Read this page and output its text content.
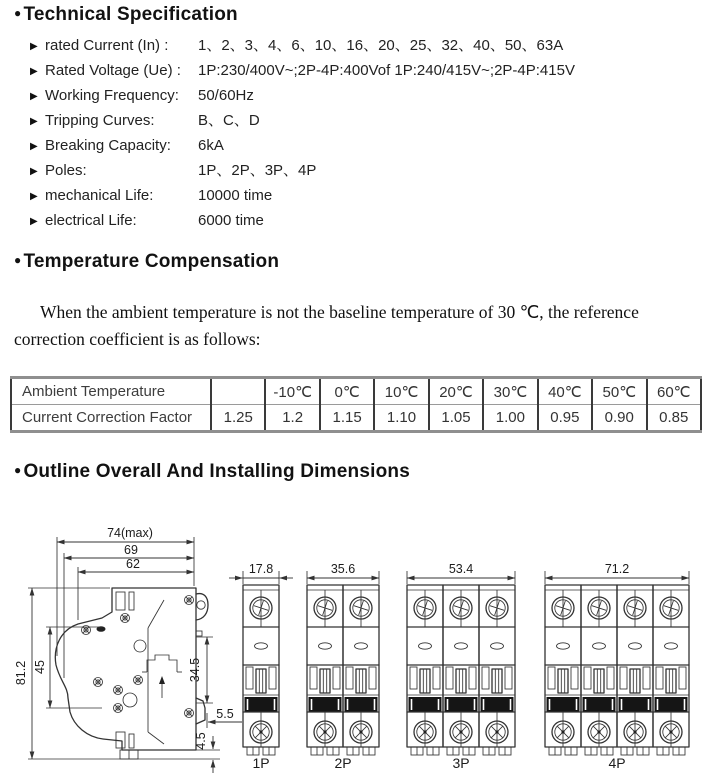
● Technical Specification
▶ rated Current (In) : 1、2、3、4、6、10、16、20、25、32、40、50、63A
▶ Rated Voltage (Ue) : 1P:230/400V~;2P-4P:400Vof 1P:240/415V~;2P-4P:415V
▶ Working Frequency: 50/60Hz
▶ Tripping Curves:	B、C、D
▶ Breaking Capacity: 6kA
▶ Poles:	1P、2P、3P、4P
▶ mechanical Life:	10000 time
▶ electrical Life:	6000 time
● Temperature Compensation

When the ambient temperature is not the baseline temperature of 30 ℃, the reference correction coefficient is as follows:

Ambient Temperature		-10℃	0℃	10℃	20℃	30℃	40℃	50℃	60℃
Current Correction Factor	1.25	1.2	1.15	1.10	1.05	1.00	0.95	0.90	0.85
● Outline Overall And Installing Dimensions
74(max)
69
62
81.2 45	34.5
5.5
4.5
17.8
1P
35.6
2P
53.4
3P
71.2
4P
